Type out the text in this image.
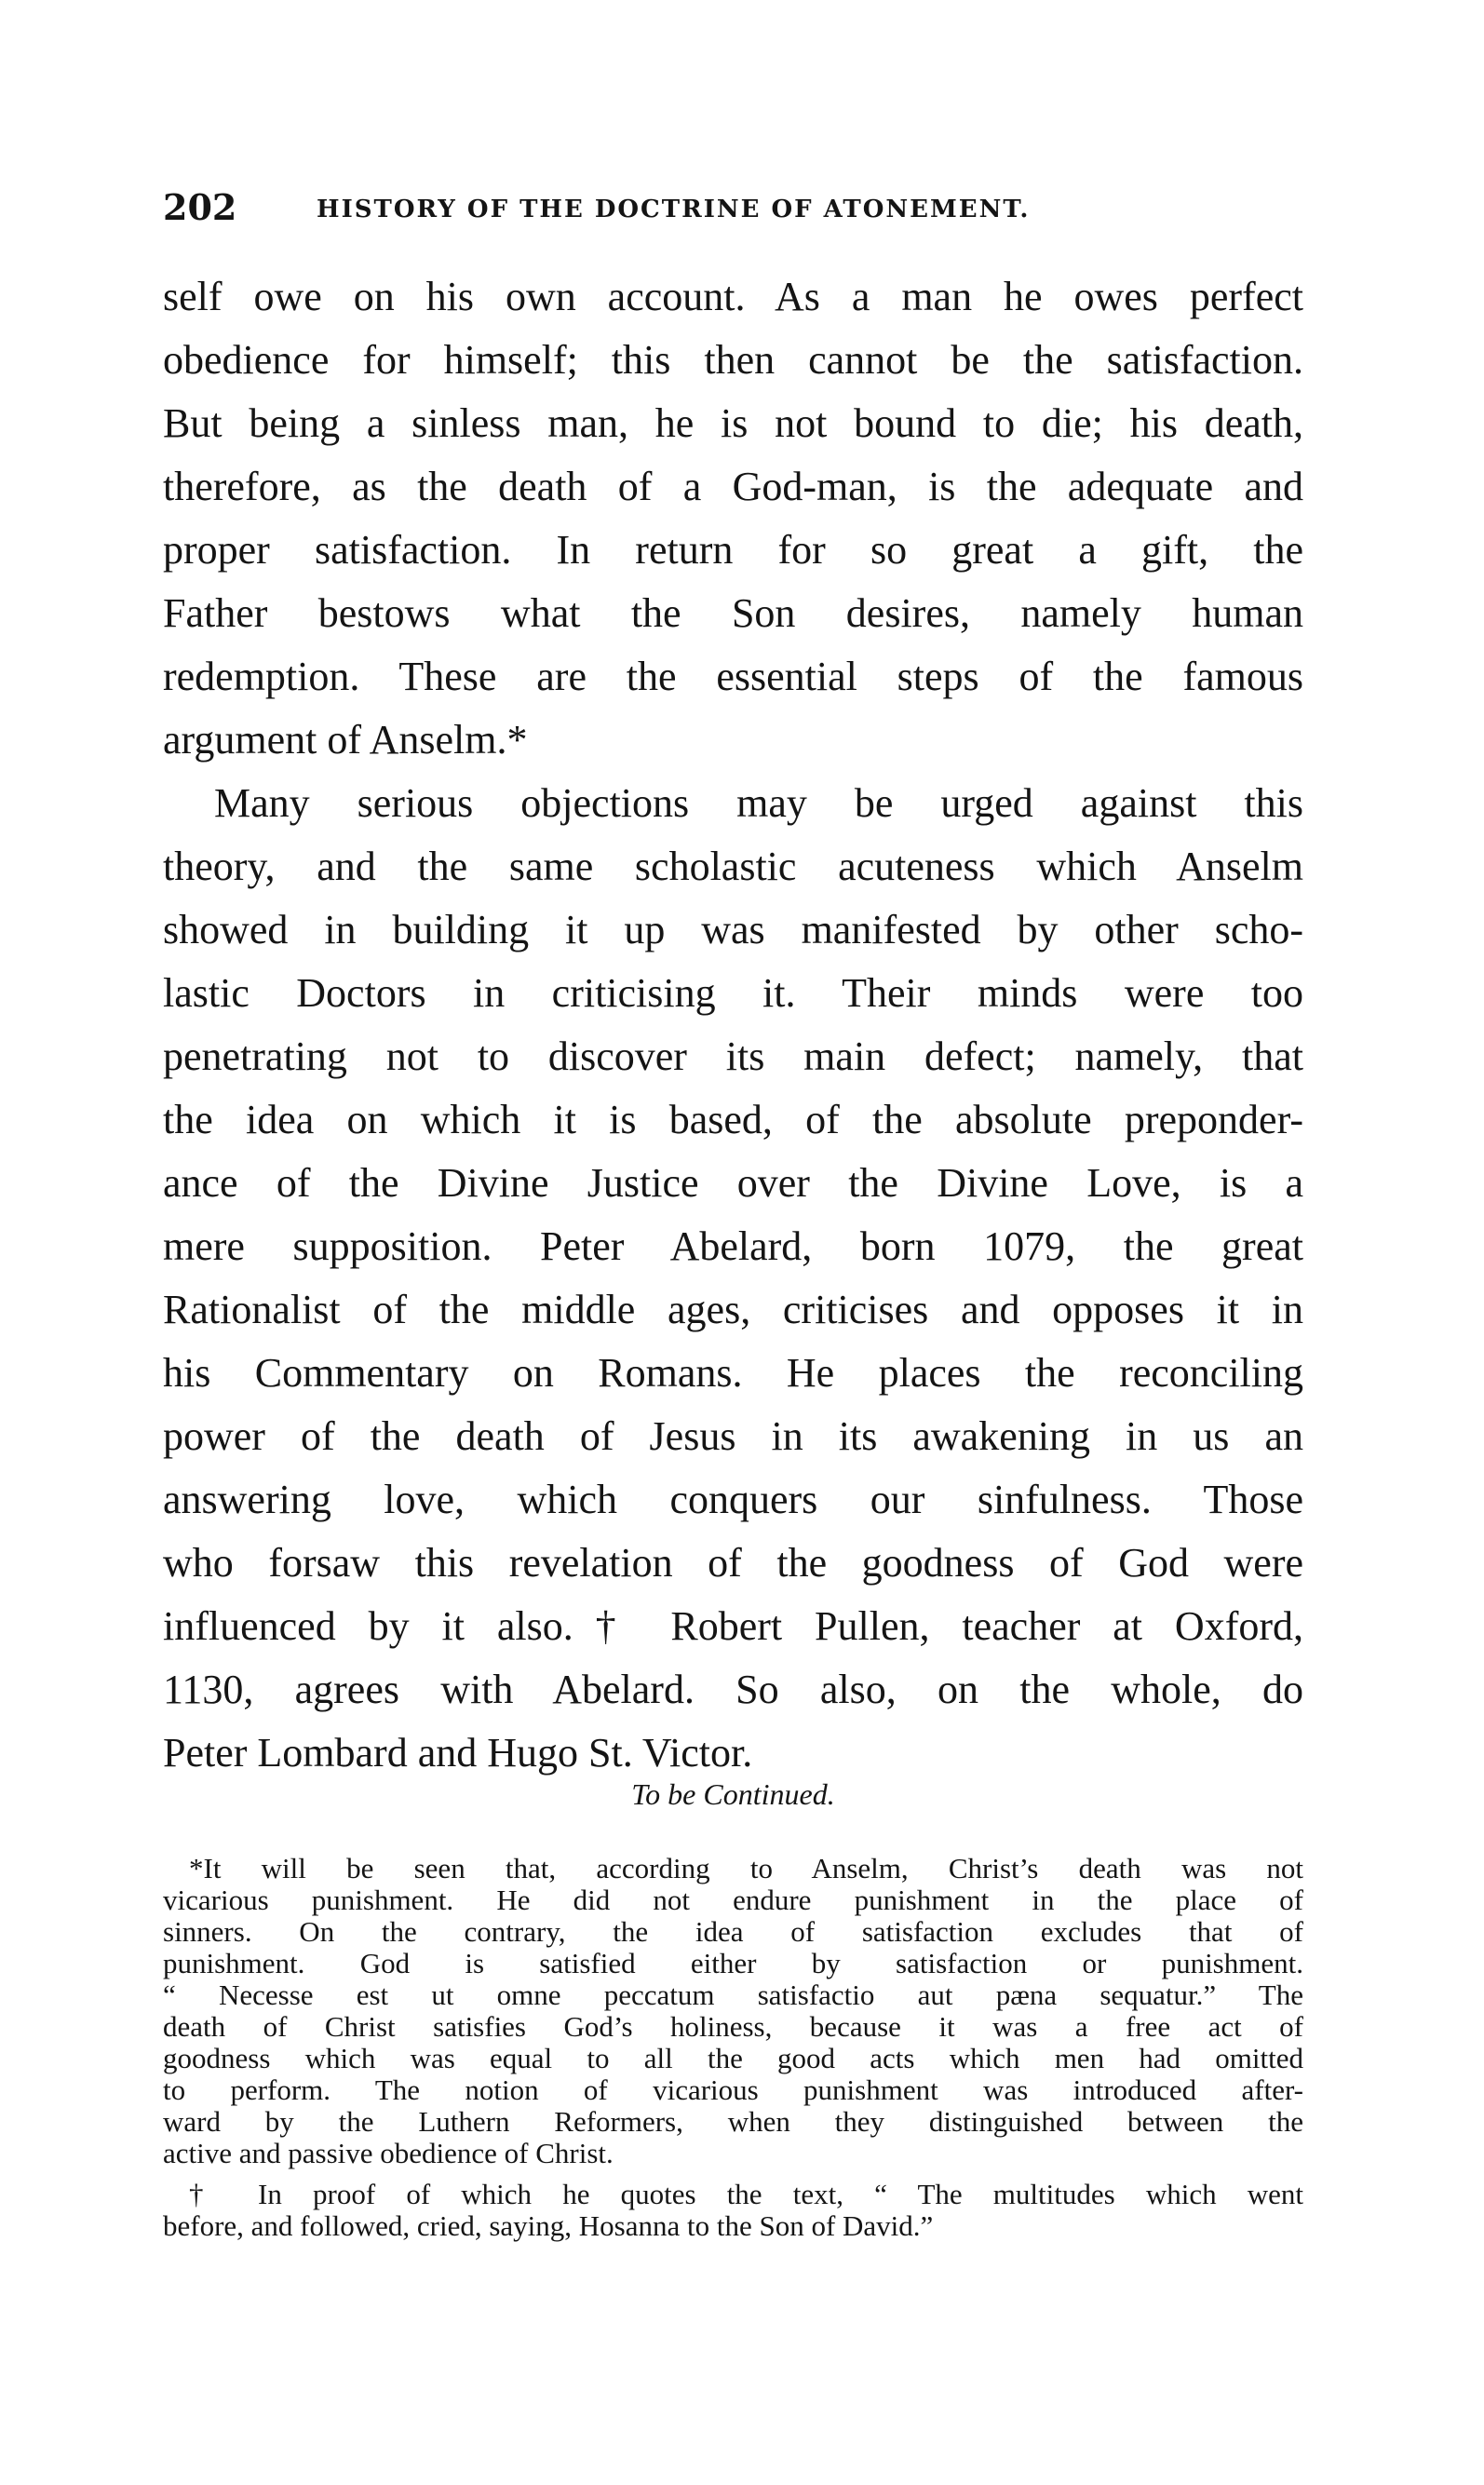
202	HISTORY OF THE DOCTRINE OF ATONEMENT.
self owe on his own account. As a man he owes perfect
obedience for himself; this then cannot be the satisfaction.
But being a sinless man, he is not bound to die; his death,
therefore, as the death of a God-man, is the adequate and
proper satisfaction. In return for so great a gift, the
Father bestows what the Son desires, namely human
redemption. These are the essential steps of the famous
argument of Anselm.*
Many serious objections may be urged against this
theory, and the same scholastic acuteness which Anselm
showed in building it up was manifested by other scho-
lastic Doctors in criticising it. Their minds were too
penetrating not to discover its main defect; namely, that
the idea on which it is based, of the absolute preponder-
ance of the Divine Justice over the Divine Love, is a
mere supposition. Peter Abelard, born 1079, the great
Rationalist of the middle ages, criticises and opposes it in
his Commentary on Romans. He places the reconciling
power of the death of Jesus in its awakening in us an
answering love, which conquers our sinfulness. Those
who forsaw this revelation of the goodness of God were
influenced by it also.† Robert Pullen, teacher at Oxford,
1130, agrees with Abelard. So also, on the whole, do
Peter Lombard and Hugo St. Victor.
To be Continued.
*It will be seen that, according to Anselm, Christ’s death was not
vicarious punishment. He did not endure punishment in the place of
sinners. On the contrary, the idea of satisfaction excludes that of
punishment. God is satisfied either by satisfaction or punishment.
“ Necesse est ut omne peccatum satisfactio aut pæna sequatur.” The
death of Christ satisfies God’s holiness, because it was a free act of
goodness which was equal to all the good acts which men had omitted
to perform. The notion of vicarious punishment was introduced after-
ward by the Luthern Reformers, when they distinguished between the
active and passive obedience of Christ.
† In proof of which he quotes the text, “ The multitudes which went
before, and followed, cried, saying, Hosanna to the Son of David.”
